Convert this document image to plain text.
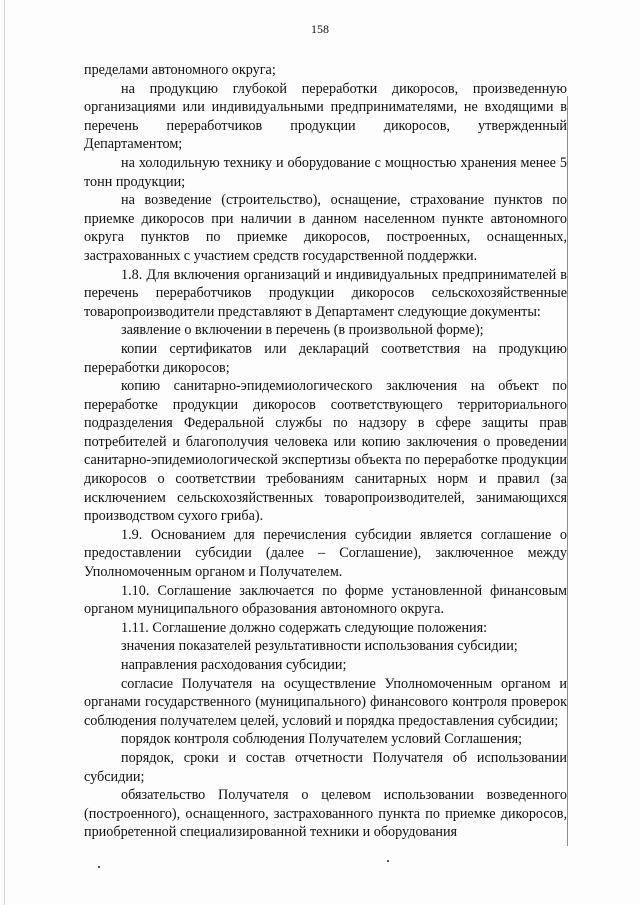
158

пределами автономного округа;

на продукцию глубокой переработки дикоросов, произведенную организациями или индивидуальными предпринимателями, не входящими в перечень переработчиков продукции дикоросов, утвержденный Департаментом;

на холодильную технику и оборудование с мощностью хранения менее 5 тонн продукции;

на возведение (строительство), оснащение, страхование пунктов по приемке дикоросов при наличии в данном населенном пункте автономного округа пунктов по приемке дикоросов, построенных, оснащенных, застрахованных с участием средств государственной поддержки.

1.8. Для включения организаций и индивидуальных предпринимателей в перечень переработчиков продукции дикоросов сельскохозяйственные товаропроизводители представляют в Департамент следующие документы:

заявление о включении в перечень (в произвольной форме);

копии сертификатов или деклараций соответствия на продукцию переработки дикоросов;

копию санитарно-эпидемиологического заключения на объект по переработке продукции дикоросов соответствующего территориального подразделения Федеральной службы по надзору в сфере защиты прав потребителей и благополучия человека или копию заключения о проведении санитарно-эпидемиологической экспертизы объекта по переработке продукции дикоросов о соответствии требованиям санитарных норм и правил (за исключением сельскохозяйственных товаропроизводителей, занимающихся производством сухого гриба).

1.9. Основанием для перечисления субсидии является соглашение о предоставлении субсидии (далее – Соглашение), заключенное между Уполномоченным органом и Получателем.

1.10. Соглашение заключается по форме установленной финансовым органом муниципального образования автономного округа.

1.11. Соглашение должно содержать следующие положения:

значения показателей результативности использования субсидии;

направления расходования субсидии;

согласие Получателя на осуществление Уполномоченным органом и органами государственного (муниципального) финансового контроля проверок соблюдения получателем целей, условий и порядка предоставления субсидии;

порядок контроля соблюдения Получателем условий Соглашения;

порядок, сроки и состав отчетности Получателя об использовании субсидии;

обязательство Получателя о целевом использовании возведенного (построенного), оснащенного, застрахованного пункта по приемке дикоросов, приобретенной специализированной техники и оборудования
